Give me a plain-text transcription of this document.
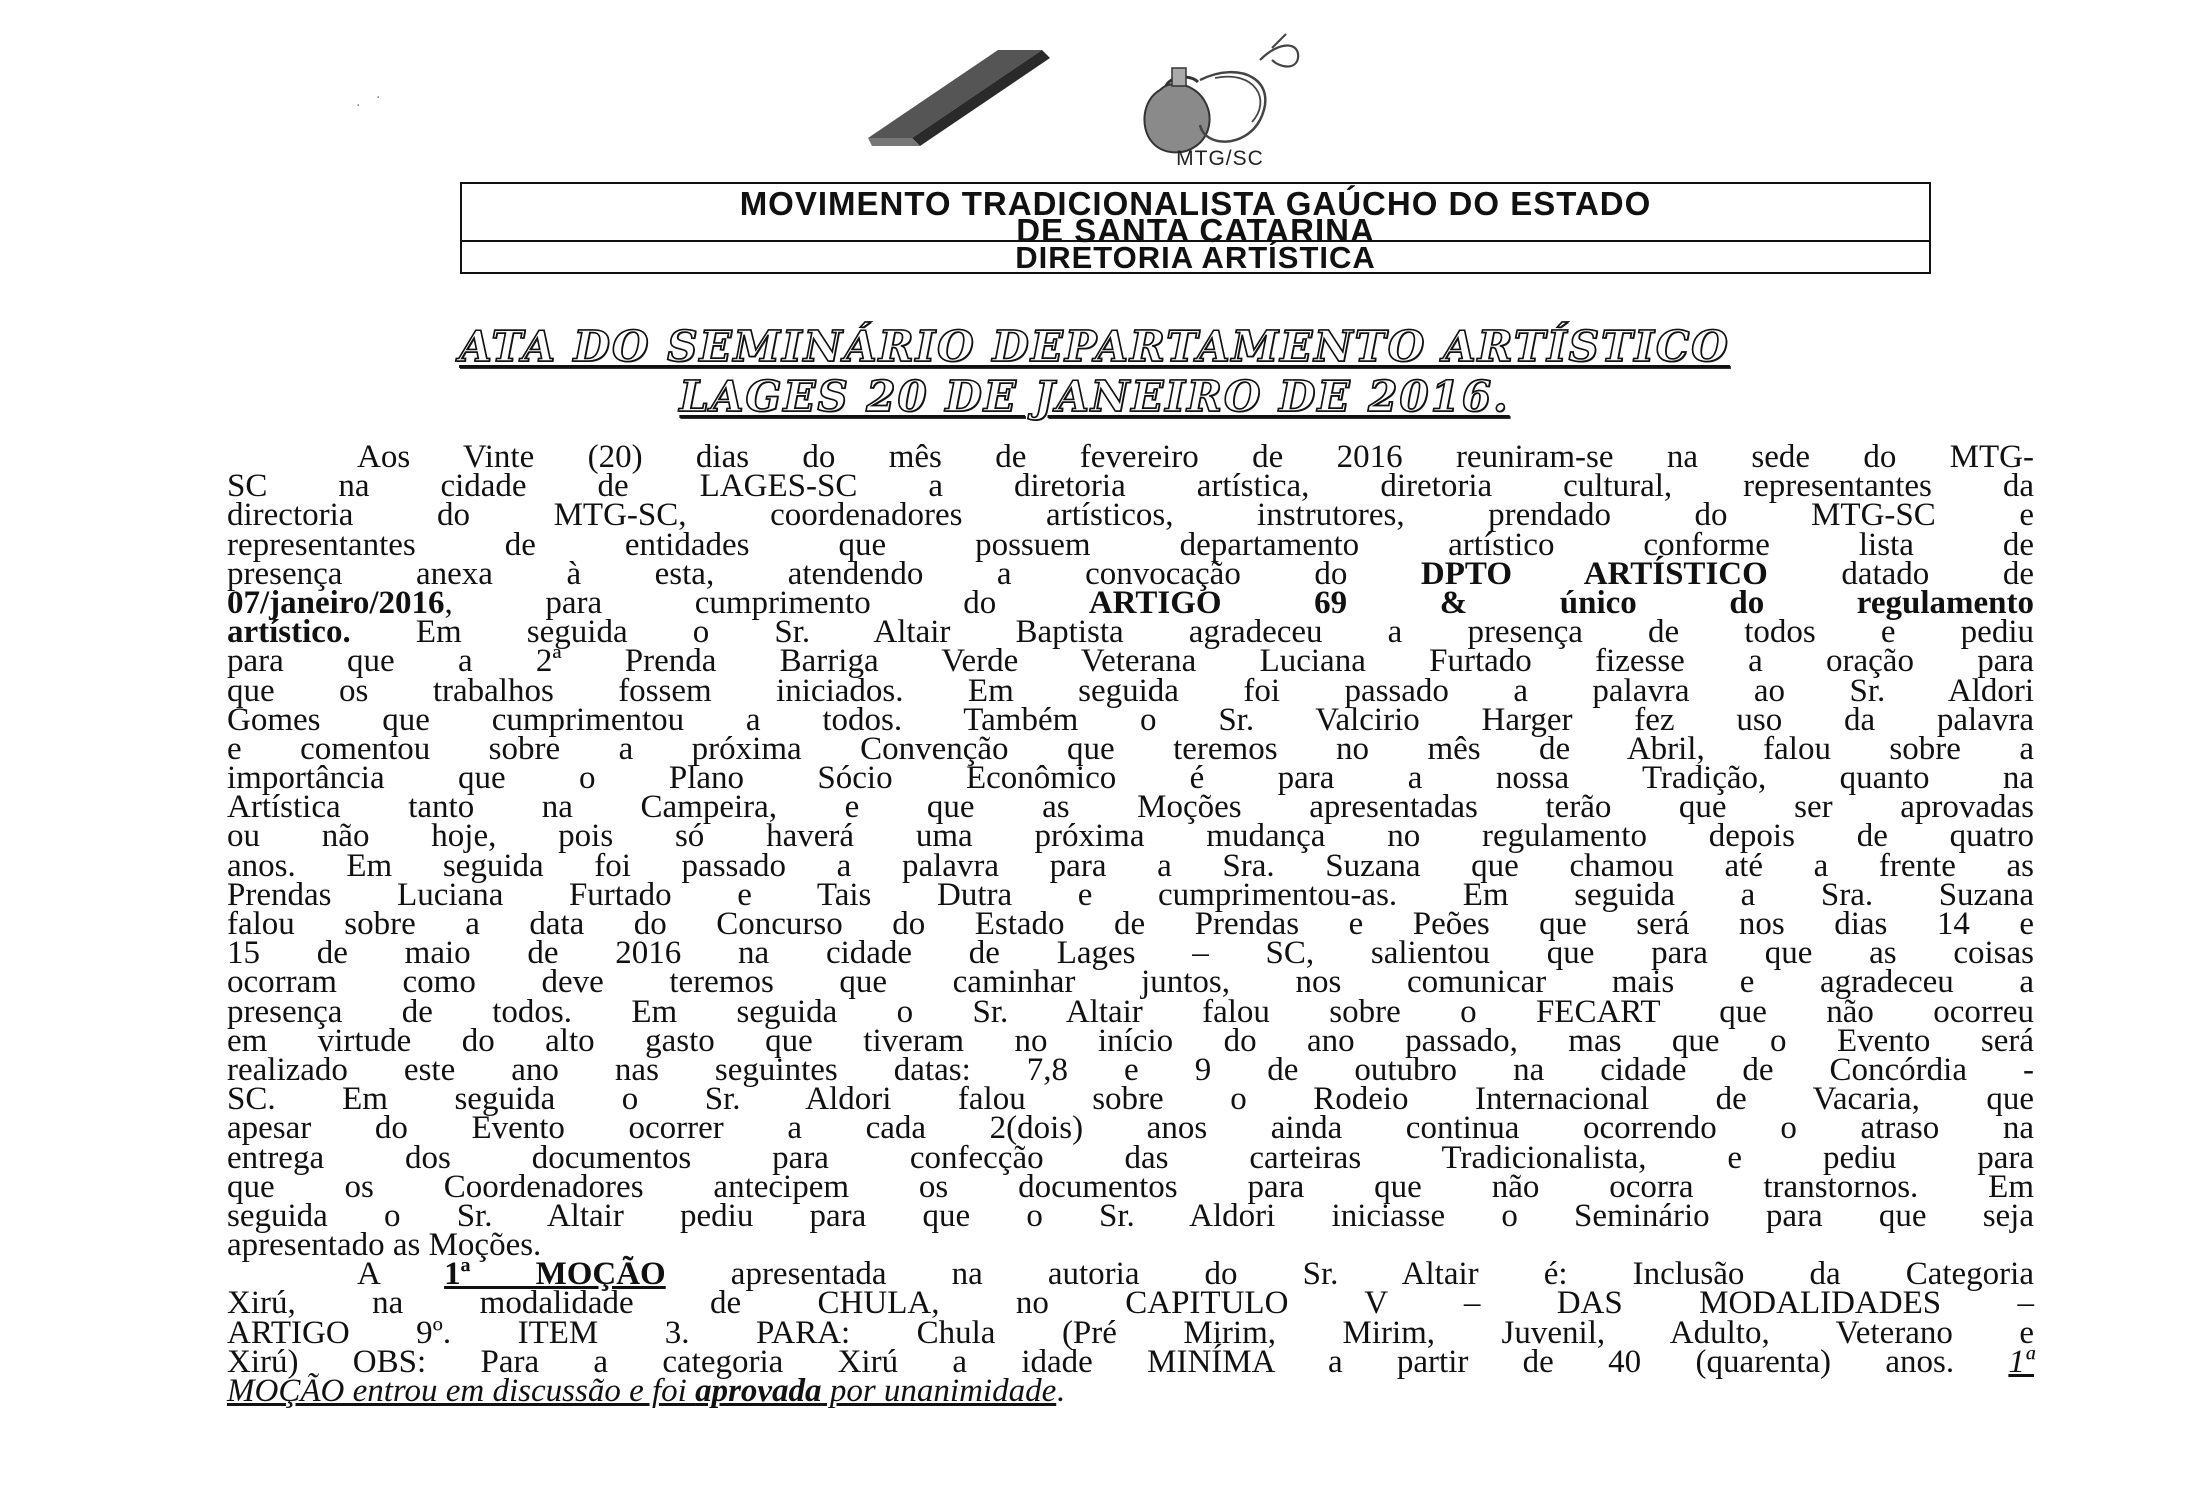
MTG/SC
· ·
MOVIMENTO TRADICIONALISTA GAÚCHO DO ESTADO
DE SANTA CATARINA
DIRETORIA ARTÍSTICA
ATA DO SEMINÁRIO DEPARTAMENTO ARTÍSTICO
LAGES 20 DE JANEIRO DE 2016.
Aos Vinte (20) dias do mês de fevereiro de 2016 reuniram-se na sede do MTG-
SC na cidade de LAGES-SC a diretoria artística, diretoria cultural, representantes da
directoria do MTG-SC, coordenadores artísticos, instrutores, prendado do MTG-SC e
representantes de entidades que possuem departamento artístico conforme lista de
presença anexa à esta, atendendo a convocação do DPTO ARTÍSTICO datado de
07/janeiro/2016, para cumprimento do ARTIGO 69 & único do regulamento
artístico. Em seguida o Sr. Altair Baptista agradeceu a presença de todos e pediu
para que a 2ª Prenda Barriga Verde Veterana Luciana Furtado fizesse a oração para
que os trabalhos fossem iniciados. Em seguida foi passado a palavra ao Sr. Aldori
Gomes que cumprimentou a todos. Também o Sr. Valcirio Harger fez uso da palavra
e comentou sobre a próxima Convenção que teremos no mês de Abril, falou sobre a
importância que o Plano Sócio Econômico é para a nossa Tradição, quanto na
Artística tanto na Campeira, e que as Moções apresentadas terão que ser aprovadas
ou não hoje, pois só haverá uma próxima mudança no regulamento depois de quatro
anos. Em seguida foi passado a palavra para a Sra. Suzana que chamou até a frente as
Prendas Luciana Furtado e Tais Dutra e cumprimentou-as. Em seguida a Sra. Suzana
falou sobre a data do Concurso do Estado de Prendas e Peões que será nos dias 14 e
15 de maio de 2016 na cidade de Lages – SC, salientou que para que as coisas
ocorram como deve teremos que caminhar juntos, nos comunicar mais e agradeceu a
presença de todos. Em seguida o Sr. Altair falou sobre o FECART que não ocorreu
em virtude do alto gasto que tiveram no início do ano passado, mas que o Evento será
realizado este ano nas seguintes datas: 7,8 e 9 de outubro na cidade de Concórdia -
SC. Em seguida o Sr. Aldori falou sobre o Rodeio Internacional de Vacaria, que
apesar do Evento ocorrer a cada 2(dois) anos ainda continua ocorrendo o atraso na
entrega dos documentos para confecção das carteiras Tradicionalista, e pediu para
que os Coordenadores antecipem os documentos para que não ocorra transtornos. Em
seguida o Sr. Altair pediu para que o Sr. Aldori iniciasse o Seminário para que seja
apresentado as Moções.
A 1ª MOÇÃO apresentada na autoria do Sr. Altair é: Inclusão da Categoria
Xirú, na modalidade de CHULA, no CAPITULO V – DAS MODALIDADES –
ARTIGO 9º. ITEM 3. PARA: Chula (Pré Mirim, Mirim, Juvenil, Adulto, Veterano e
Xirú) OBS: Para a categoria Xirú a idade MINÍMA a partir de 40 (quarenta) anos. 1ª
MOÇÃO entrou em discussão e foi aprovada por unanimidade.
